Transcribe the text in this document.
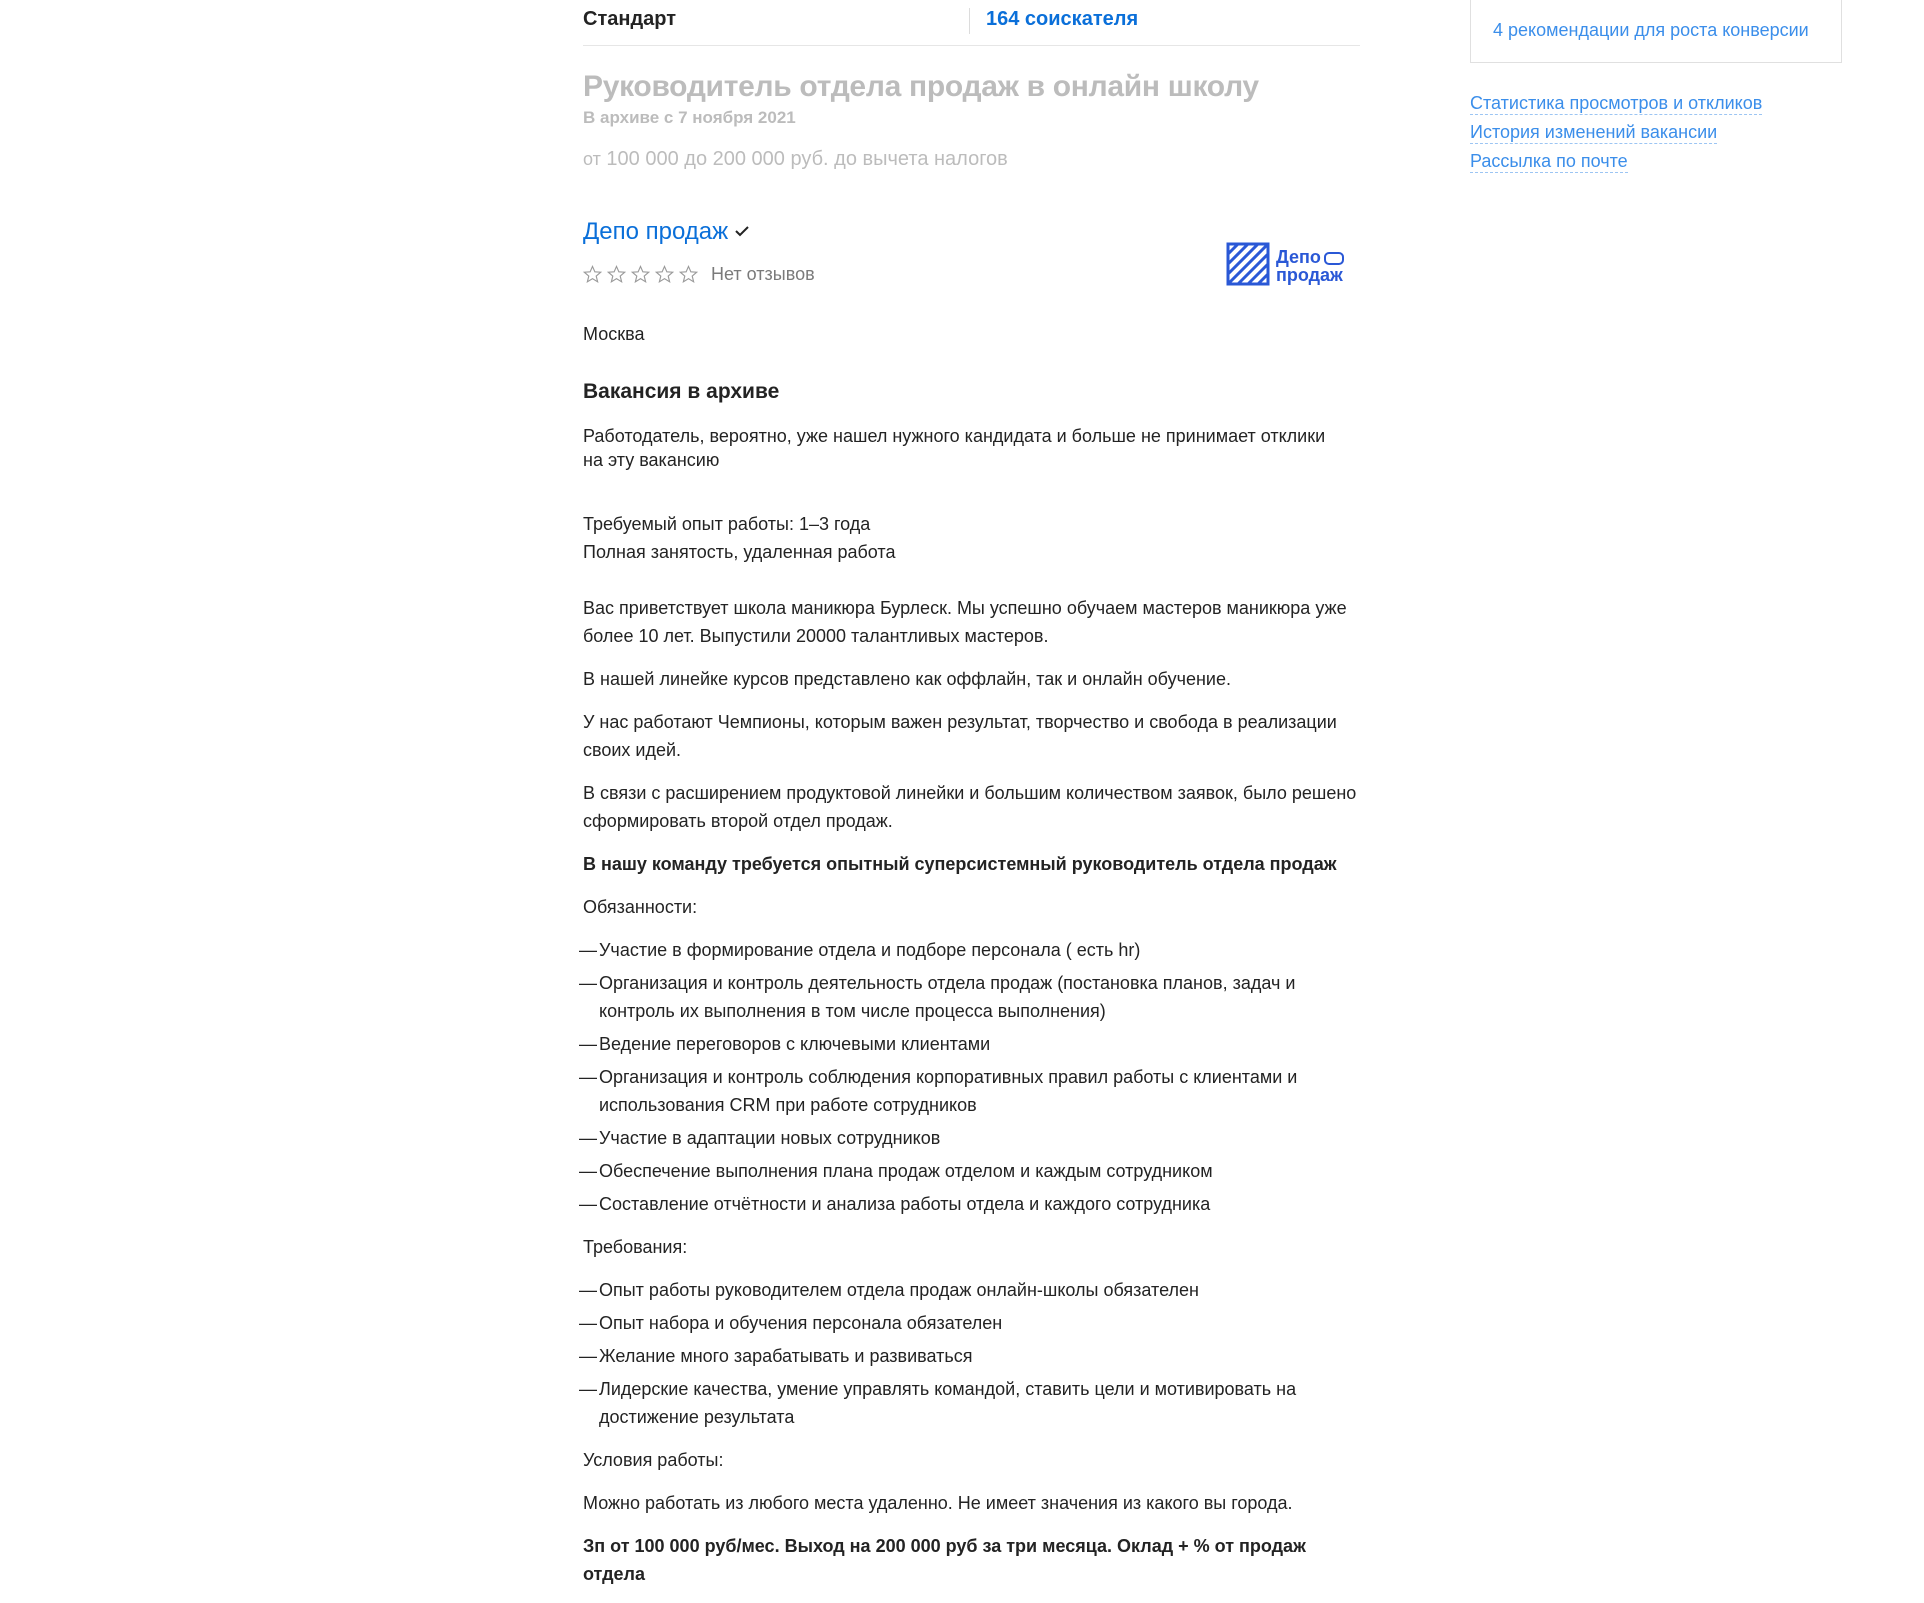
Стандарт	164 соискателя
Руководитель отдела продаж в онлайн школу
В архиве с 7 ноября 2021
от 100 000 до 200 000 руб. до вычета налогов
Депо продаж
Нет отзывов
Депо
продаж
Москва
Вакансия в архиве
Работодатель, вероятно, уже нашел нужного кандидата и больше не принимает отклики на эту вакансию
Требуемый опыт работы: 1–3 года
Полная занятость, удаленная работа

Вас приветствует школа маникюра Бурлеск. Мы успешно обучаем мастеров маникюра уже более 10 лет. Выпустили 20000 талантливых мастеров.

В нашей линейке курсов представлено как оффлайн, так и онлайн обучение.

У нас работают Чемпионы, которым важен результат, творчество и свобода в реализации своих идей.

В связи с расширением продуктовой линейки и большим количеством заявок, было решено сформировать второй отдел продаж.

В нашу команду требуется опытный суперсистемный руководитель отдела продаж

Обязанности:

— Участие в формирование отдела и подборе персонала ( есть hr)
— Организация и контроль деятельность отдела продаж (постановка планов, задач и контроль их выполнения в том числе процесса выполнения)
— Ведение переговоров с ключевыми клиентами
— Организация и контроль соблюдения корпоративных правил работы с клиентами и использования CRM при работе сотрудников
— Участие в адаптации новых сотрудников
— Обеспечение выполнения плана продаж отделом и каждым сотрудником
— Составление отчётности и анализа работы отдела и каждого сотрудника

Требования:

— Опыт работы руководителем отдела продаж онлайн-школы обязателен
— Опыт набора и обучения персонала обязателен
— Желание много зарабатывать и развиваться
— Лидерские качества, умение управлять командой, ставить цели и мотивировать на достижение результата

Условия работы:

Можно работать из любого места удаленно. Не имеет значения из какого вы города.

Зп от 100 000 руб/мес. Выход на 200 000 руб за три месяца. Оклад + % от продаж отдела

4 рекомендации для роста конверсии
Статистика просмотров и откликов
История изменений вакансии
Рассылка по почте
